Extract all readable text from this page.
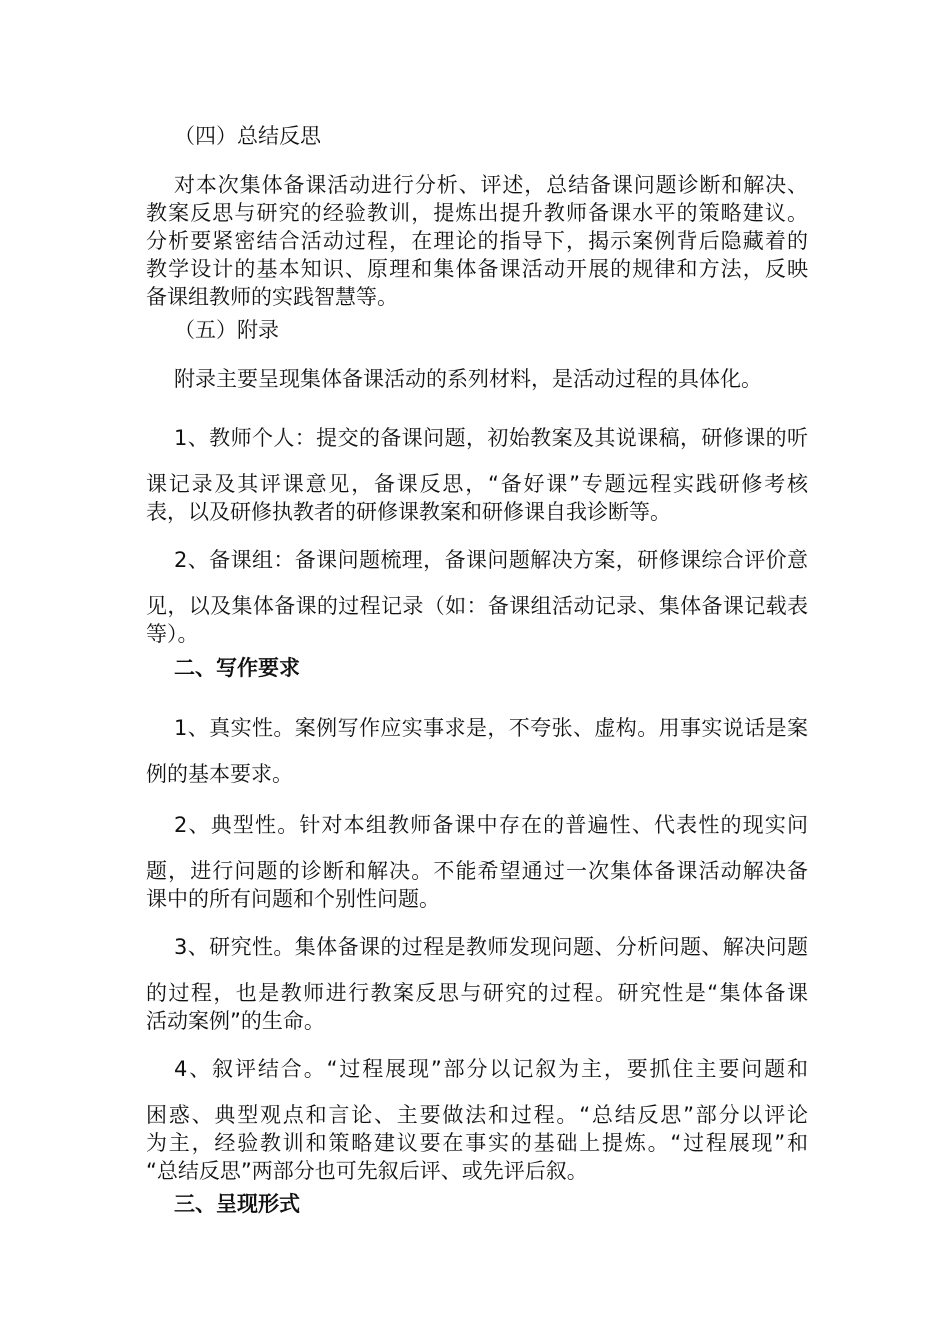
（四）总结反思
对本次集体备课活动进行分析、评述，总结备课问题诊断和解决、
教案反思与研究的经验教训，提炼出提升教师备课水平的策略建议。
分析要紧密结合活动过程，在理论的指导下，揭示案例背后隐藏着的
教学设计的基本知识、原理和集体备课活动开展的规律和方法，反映
备课组教师的实践智慧等。
（五）附录
附录主要呈现集体备课活动的系列材料，是活动过程的具体化。
1、教师个人：提交的备课问题，初始教案及其说课稿，研修课的听
课记录及其评课意见，备课反思，“备好课”专题远程实践研修考核
表，以及研修执教者的研修课教案和研修课自我诊断等。
2、备课组：备课问题梳理，备课问题解决方案，研修课综合评价意
见，以及集体备课的过程记录（如：备课组活动记录、集体备课记载表
等）。
二、写作要求
1、真实性。案例写作应实事求是，不夸张、虚构。用事实说话是案
例的基本要求。
2、典型性。针对本组教师备课中存在的普遍性、代表性的现实问
题，进行问题的诊断和解决。不能希望通过一次集体备课活动解决备
课中的所有问题和个别性问题。
3、研究性。集体备课的过程是教师发现问题、分析问题、解决问题
的过程，也是教师进行教案反思与研究的过程。研究性是“集体备课
活动案例”的生命。
4、叙评结合。“过程展现”部分以记叙为主，要抓住主要问题和
困惑、典型观点和言论、主要做法和过程。“总结反思”部分以评论
为主，经验教训和策略建议要在事实的基础上提炼。“过程展现”和
“总结反思”两部分也可先叙后评、或先评后叙。
三、呈现形式
